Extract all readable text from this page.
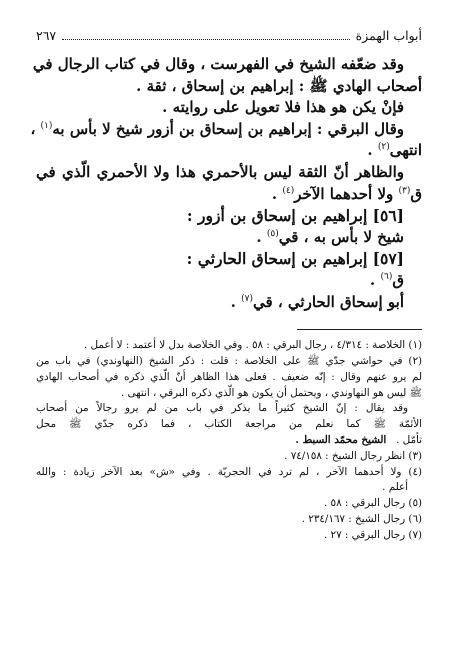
أبواب الهمزة
٢٦٧
وقد ضعّفه الشيخ في الفهرست ، وقال في كتاب الرجال في
أصحاب الهادي ﷺ : إبراهيم بن إسحاق ، ثقة .
فإنْ يكن هو هذا فلا تعويل على روايته .
وقال البرقي : إبراهيم بن إسحاق بن أزور شيخ لا بأس به$^{(١)}$ ،
انتهى$^{(٢)}$ .
والظاهر أنّ الثقة ليس بالأحمري هذا ولا الأحمري الّذي في
ق$^{(٣)}$ ولا أحدهما الآخر$^{(٤)}$ .
[٥٦] إبراهيم بن إسحاق بن أزور :
شيخ لا بأس به ، قي$^{(٥)}$ .
[٥٧] إبراهيم بن إسحاق الحارثي :
ق$^{(٦)}$ .
أبو إسحاق الحارثي ، قي$^{(٧)}$ .
(١) الخلاصة : ٤/٣١٤ ، رجال البرقي : ٥٨ . وفي الخلاصة بدل لا أعتمد : لا أعمل .
(٢) في حواشي جدّي ﷺ على الخلاصة : قلت : ذكر الشيخ (النهاوندي) في باب من
لم يرو عنهم وقال : إنّه ضعيف . فعلى هذا الظاهر أنّ الّذي ذكره في أصحاب الهادي
ﷺ ليس هو النهاوندي ، ويحتمل أن يكون هو الّذي ذكره البرقي ، انتهى .
وقد يقال : إنّ الشيخ كثيراً ما يذكر في باب من لم يرو رجالاً من أصحاب
الأئمّة ﷺ كما نعلم من مراجعة الكتاب ، فما ذكره جدّي ﷺ محل
تأمّل .   الشيخ محمّد السبط .
(٣) انظر رجال الشيخ : ٧٤/١٥٨ .
(٤) ولا أحدهما الآخر ، لم ترد في الحجريّة . وفي «ش» بعد الآخر زيادة : والله
أعلم .
(٥) رجال البرقي : ٥٨ .
(٦) رجال الشيخ : ٢٣٤/١٦٧ .
(٧) رجال البرقي : ٢٧ .
